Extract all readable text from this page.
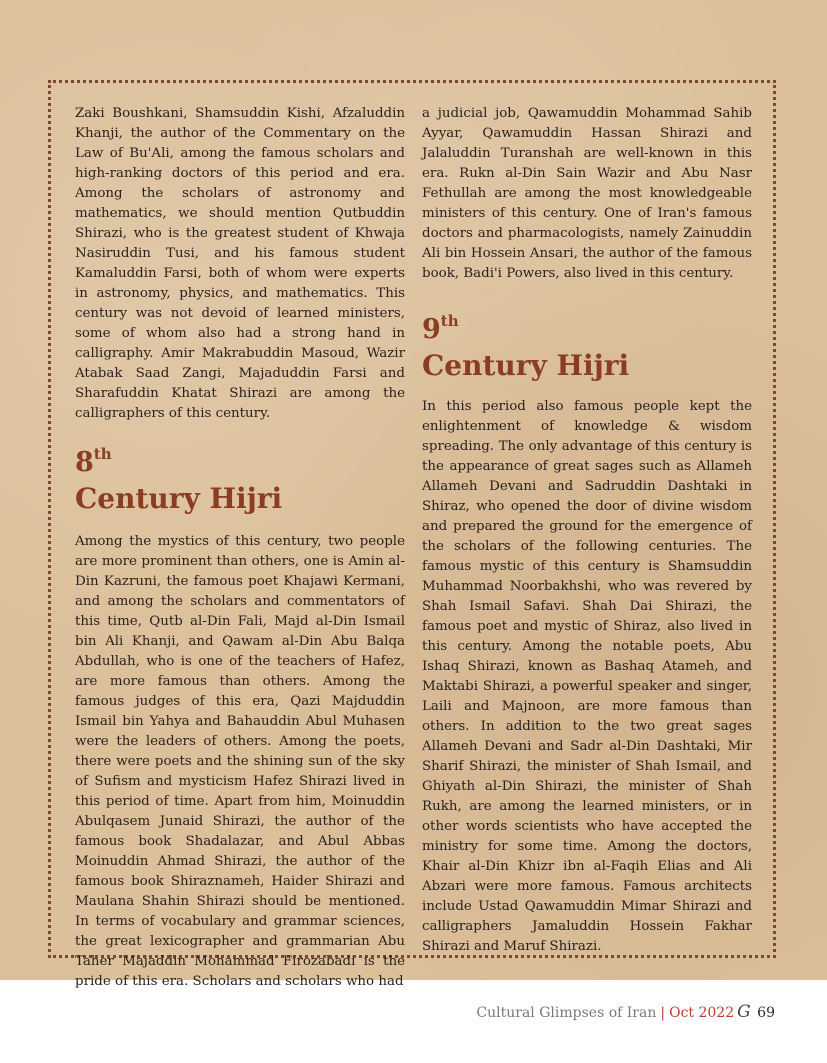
Zaki Boushkani, Shamsuddin Kishi, Afzaluddin Khanji, the author of the Commentary on the Law of Bu'Ali, among the famous scholars and high-ranking doctors of this period and era. Among the scholars of astronomy and mathematics, we should mention Qutbuddin Shirazi, who is the greatest student of Khwaja Nasiruddin Tusi, and his famous student Kamaluddin Farsi, both of whom were experts in astronomy, physics, and mathematics. This century was not devoid of learned ministers, some of whom also had a strong hand in calligraphy. Amir Makrabuddin Masoud, Wazir Atabak Saad Zangi, Majaduddin Farsi and Sharafuddin Khatat Shirazi are among the calligraphers of this century.

8th
Century Hijri

Among the mystics of this century, two people are more prominent than others, one is Amin al-Din Kazruni, the famous poet Khajawi Kermani, and among the scholars and commentators of this time, Qutb al-Din Fali, Majd al-Din Ismail bin Ali Khanji, and Qawam al-Din Abu Balqa Abdullah, who is one of the teachers of Hafez, are more famous than others. Among the famous judges of this era, Qazi Majduddin Ismail bin Yahya and Bahauddin Abul Muhasen were the leaders of others. Among the poets, there were poets and the shining sun of the sky of Sufism and mysticism Hafez Shirazi lived in this period of time. Apart from him, Moinuddin Abulqasem Junaid Shirazi, the author of the famous book Shadalazar, and Abul Abbas Moinuddin Ahmad Shirazi, the author of the famous book Shiraznameh, Haider Shirazi and Maulana Shahin Shirazi should be mentioned. In terms of vocabulary and grammar sciences, the great lexicographer and grammarian Abu Taher Majaddin Mohammad Firozabadi is the pride of this era. Scholars and scholars who had

a judicial job, Qawamuddin Mohammad Sahib Ayyar, Qawamuddin Hassan Shirazi and Jalaluddin Turanshah are well-known in this era. Rukn al-Din Sain Wazir and Abu Nasr Fethullah are among the most knowledgeable ministers of this century. One of Iran's famous doctors and pharmacologists, namely Zainuddin Ali bin Hossein Ansari, the author of the famous book, Badi'i Powers, also lived in this century.

9th
Century Hijri

In this period also famous people kept the enlightenment of knowledge & wisdom spreading. The only advantage of this century is the appearance of great sages such as Allameh Allameh Devani and Sadruddin Dashtaki in Shiraz, who opened the door of divine wisdom and prepared the ground for the emergence of the scholars of the following centuries. The famous mystic of this century is Shamsuddin Muhammad Noorbakhshi, who was revered by Shah Ismail Safavi. Shah Dai Shirazi, the famous poet and mystic of Shiraz, also lived in this century. Among the notable poets, Abu Ishaq Shirazi, known as Bashaq Atameh, and Maktabi Shirazi, a powerful speaker and singer, Laili and Majnoon, are more famous than others. In addition to the two great sages Allameh Devani and Sadr al-Din Dashtaki, Mir Sharif Shirazi, the minister of Shah Ismail, and Ghiyath al-Din Shirazi, the minister of Shah Rukh, are among the learned ministers, or in other words scientists who have accepted the ministry for some time. Among the doctors, Khair al-Din Khizr ibn al-Faqih Elias and Ali Abzari were more famous. Famous architects include Ustad Qawamuddin Mimar Shirazi and calligraphers Jamaluddin Hossein Fakhar Shirazi and Maruf Shirazi.

Cultural Glimpses of Iran | Oct 2022 G 69
